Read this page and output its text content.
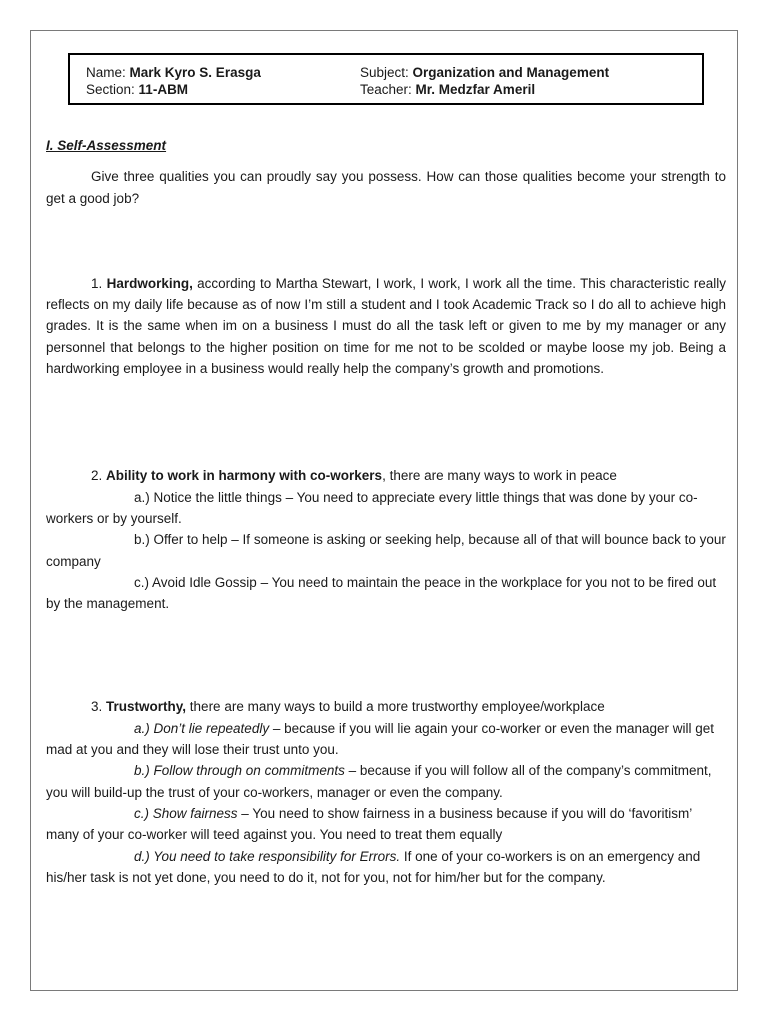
Name: Mark Kyro S. Erasga
Section: 11-ABM
Subject: Organization and Management
Teacher: Mr. Medzfar Ameril

I. Self-Assessment

Give three qualities you can proudly say you possess. How can those qualities become your strength to get a good job?

1. Hardworking, according to Martha Stewart, I work, I work, I work all the time. This characteristic really reflects on my daily life because as of now I’m still a student and I took Academic Track so I do all to achieve high grades. It is the same when im on a business I must do all the task left or given to me by my manager or any personnel that belongs to the higher position on time for me not to be scolded or maybe loose my job. Being a hardworking employee in a business would really help the company’s growth and promotions.

2. Ability to work in harmony with co-workers, there are many ways to work in peace

a.) Notice the little things – You need to appreciate every little things that was done by your co-workers or by yourself.

b.) Offer to help – If someone is asking or seeking help, because all of that will bounce back to your company

c.) Avoid Idle Gossip – You need to maintain the peace in the workplace for you not to be fired out by the management.

3. Trustworthy, there are many ways to build a more trustworthy employee/workplace

a.) Don’t lie repeatedly – because if you will lie again your co-worker or even the manager will get mad at you and they will lose their trust unto you.

b.) Follow through on commitments – because if you will follow all of the company’s commitment, you will build-up the trust of your co-workers, manager or even the company.

c.) Show fairness – You need to show fairness in a business because if you will do ‘favoritism’ many of your co-worker will teed against you. You need to treat them equally

d.) You need to take responsibility for Errors. If one of your co-workers is on an emergency and his/her task is not yet done, you need to do it, not for you, not for him/her but for the company.
